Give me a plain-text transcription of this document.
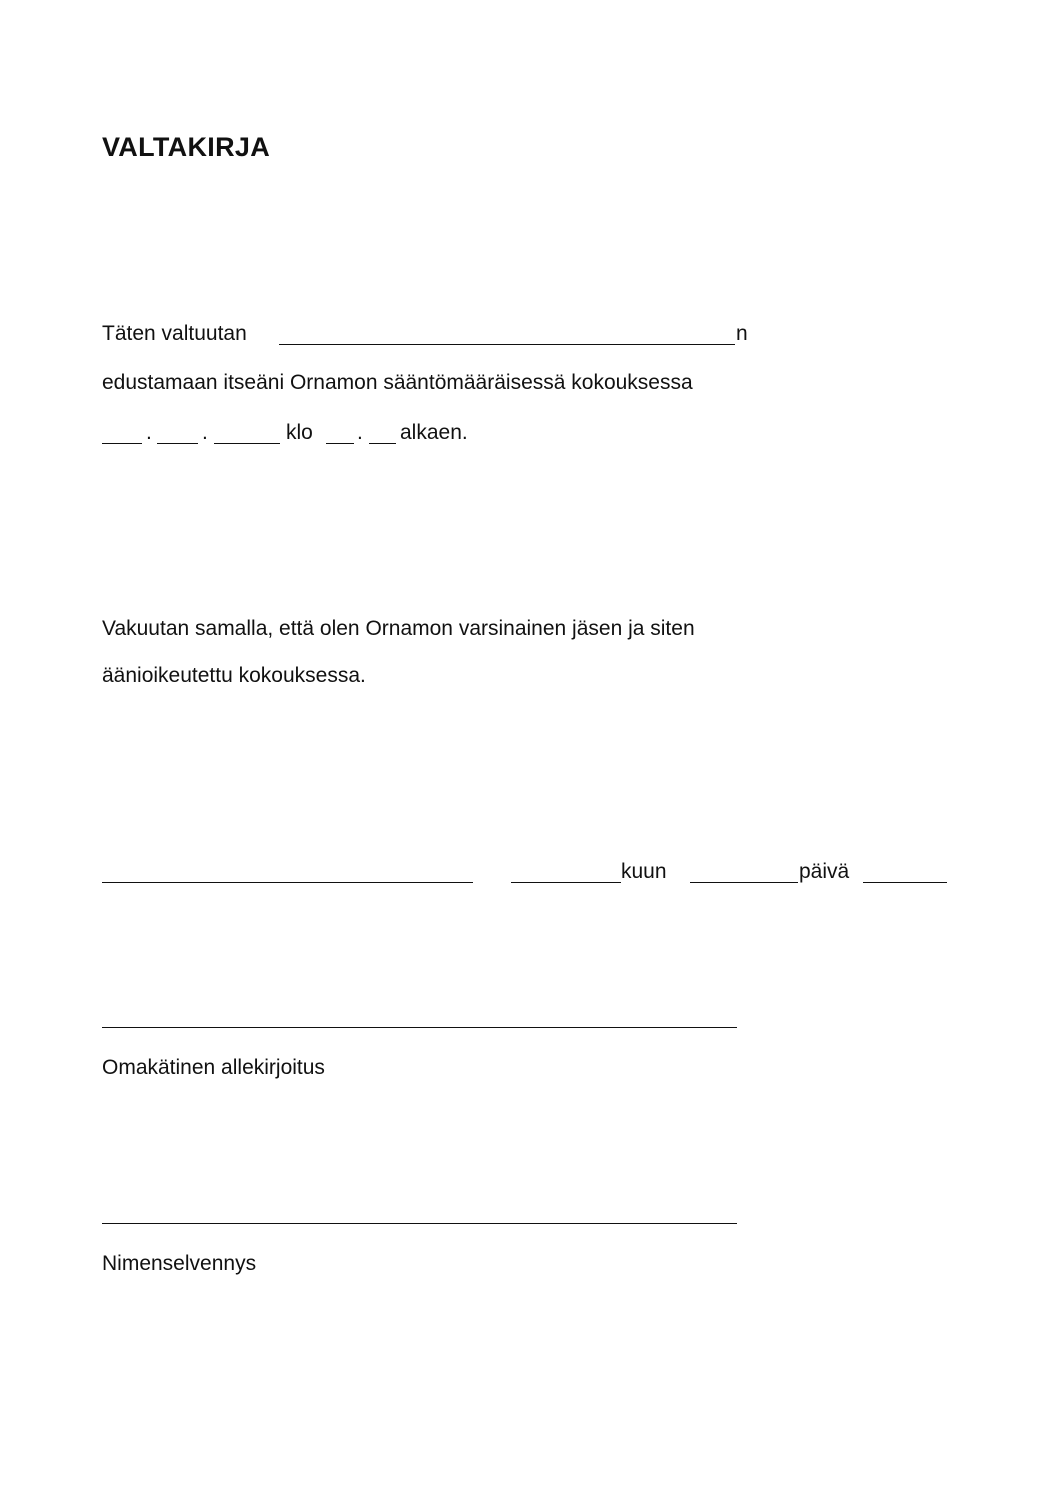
VALTAKIRJA
Täten valtuutan	n
edustamaan itseäni Ornamon sääntömääräisessä kokouksessa
. .	klo . alkaen.
Vakuutan samalla, että olen Ornamon varsinainen jäsen ja siten
äänioikeutettu kokouksessa.
kuun	päivä
Omakätinen allekirjoitus
Nimenselvennys
